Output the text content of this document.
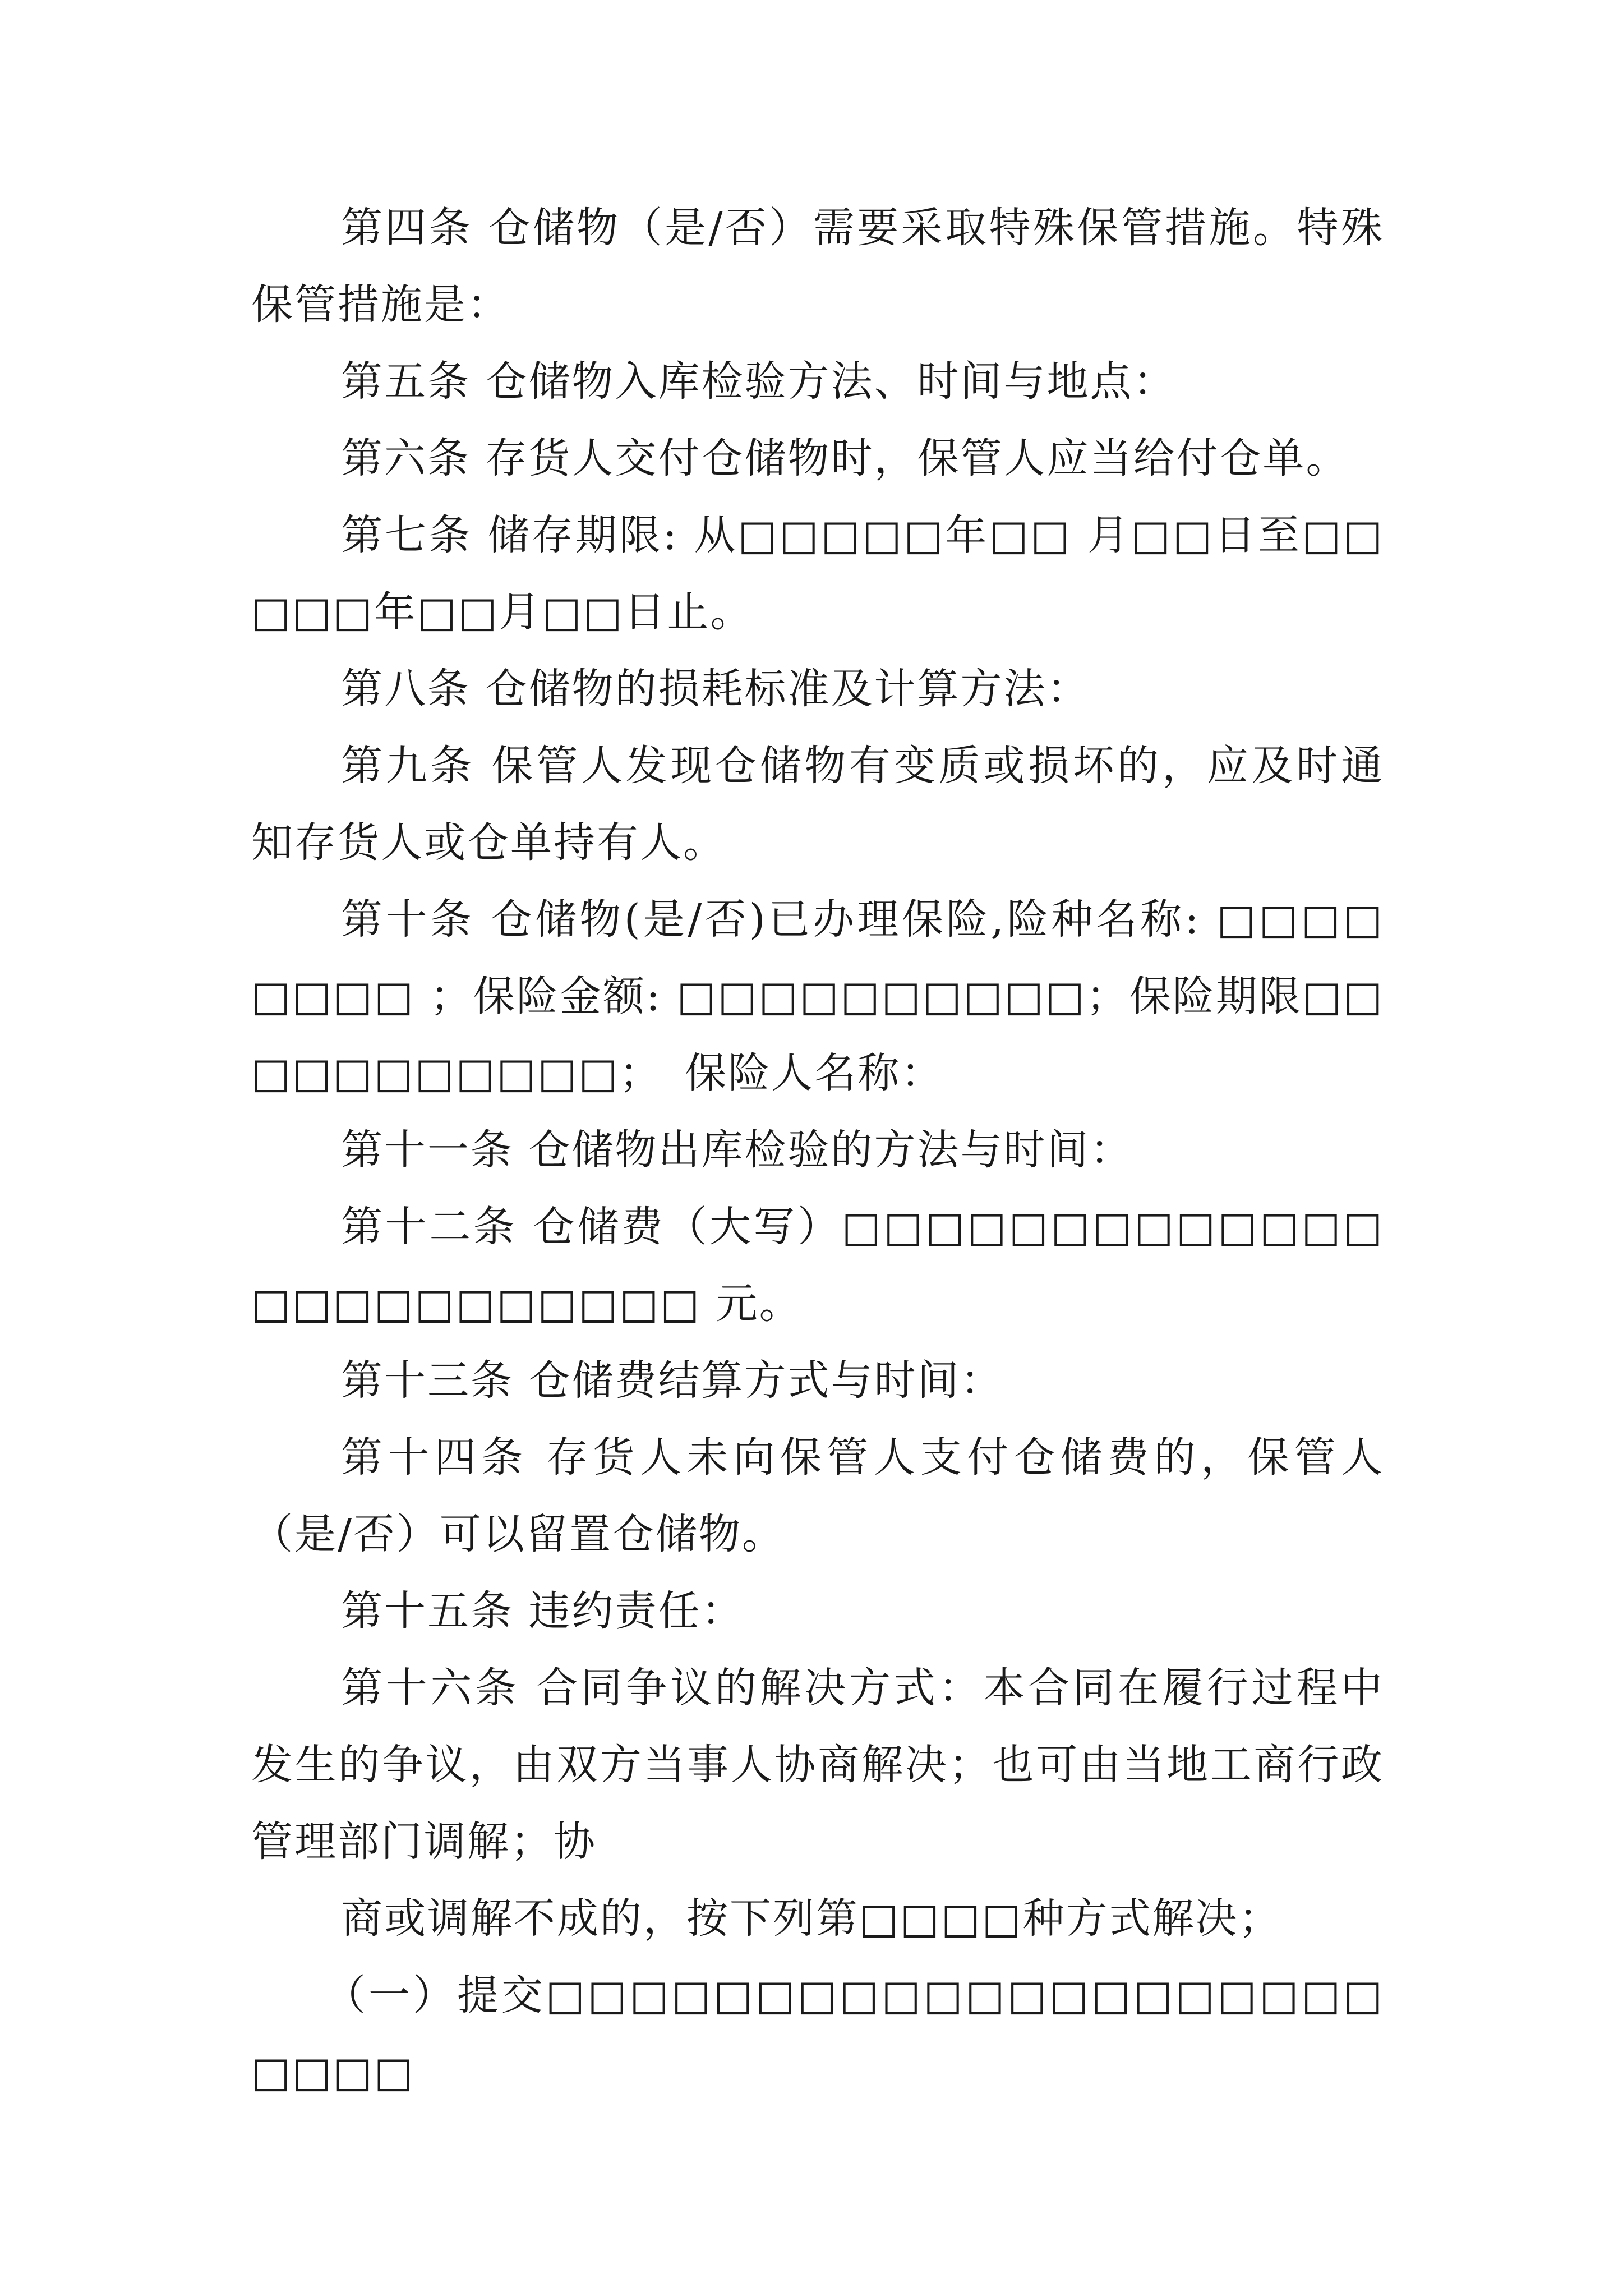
第四条 仓储物（是/否）需要采取特殊保管措施。特殊保管措施是：

第五条 仓储物入库检验方法、时间与地点：

第六条 存货人交付仓储物时，保管人应当给付仓单。

第七条 储存期限: 从□□□□□年□□ 月□□日至□□□□□年□□月□□日止。

第八条 仓储物的损耗标准及计算方法：

第九条 保管人发现仓储物有变质或损坏的，应及时通知存货人或仓单持有人。

第十条 仓储物(是/否)已办理保险,险种名称: □□□□□□□□ ；保险金额: □□□□□□□□□□；保险期限□□□□□□□□□□□；　保险人名称：

第十一条 仓储物出库检验的方法与时间：

第十二条 仓储费（大写）□□□□□□□□□□□□□□□□□□□□□□□□ 元。

第十三条 仓储费结算方式与时间：

第十四条 存货人未向保管人支付仓储费的，保管人（是/否）可以留置仓储物。

第十五条 违约责任：

第十六条 合同争议的解决方式：本合同在履行过程中发生的争议，由双方当事人协商解决；也可由当地工商行政管理部门调解；协

商或调解不成的，按下列第□□□□种方式解决；

（一）提交□□□□□□□□□□□□□□□□□□□□□□□□
